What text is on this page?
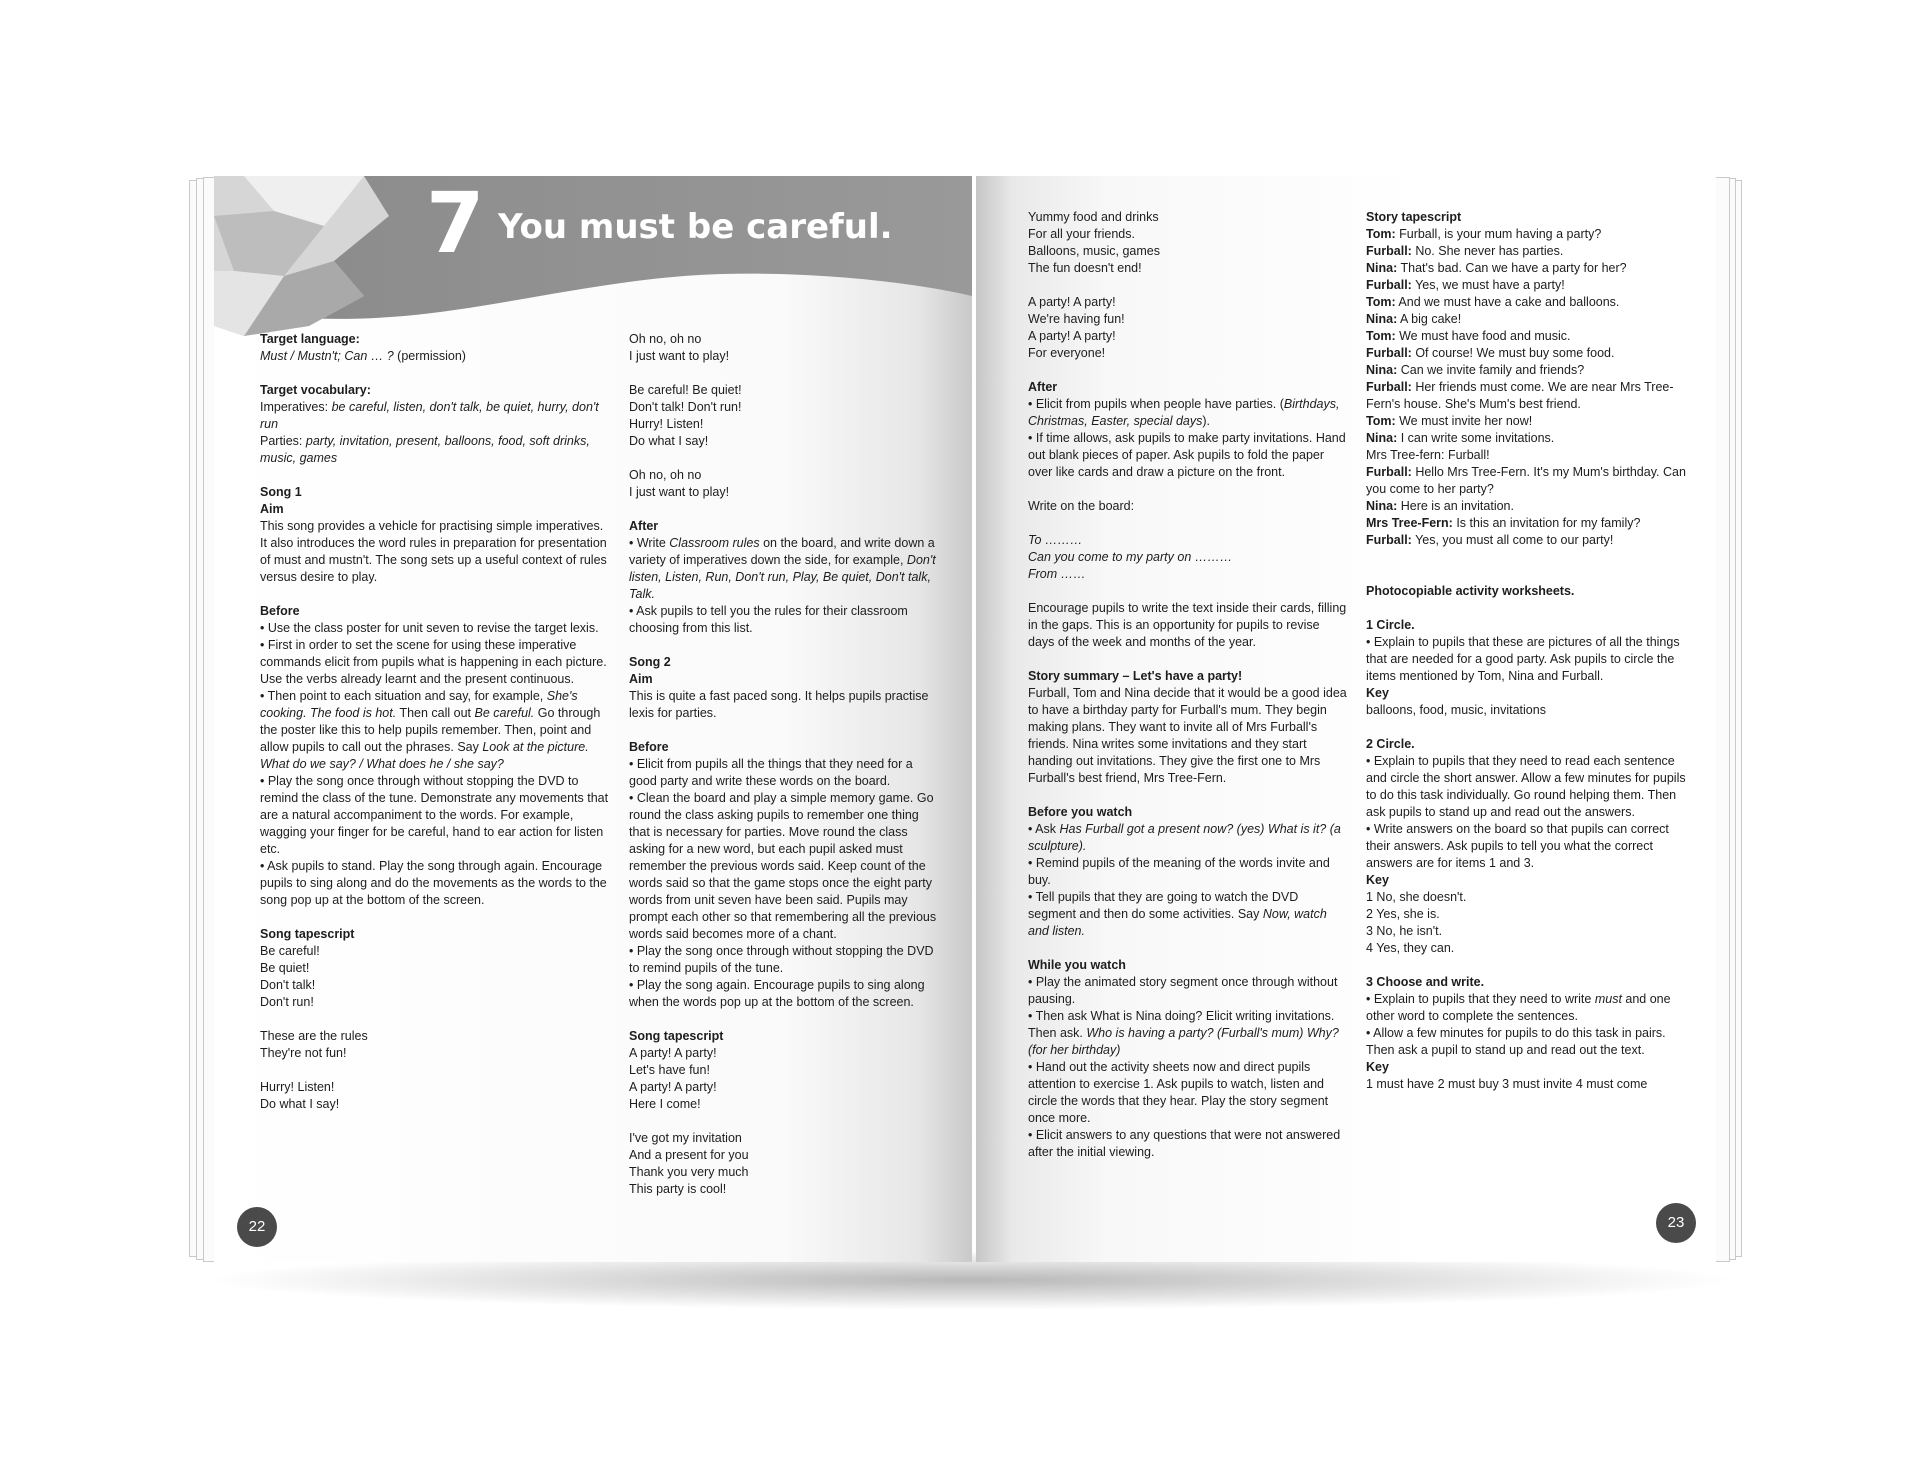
7 You must be careful.

Target language:

Must / Mustn't; Can … ? (permission)

Target vocabulary:

Imperatives: be careful, listen, don't talk, be quiet, hurry, don't run

Parties: party, invitation, present, balloons, food, soft drinks, music, games

Song 1

Aim

This song provides a vehicle for practising simple imperatives. It also introduces the word rules in preparation for presentation of must and mustn't. The song sets up a useful context of rules versus desire to play.

Before

• Use the class poster for unit seven to revise the target lexis.

• First in order to set the scene for using these imperative commands elicit from pupils what is happening in each picture. Use the verbs already learnt and the present continuous.

• Then point to each situation and say, for example, She's cooking. The food is hot. Then call out Be careful. Go through the poster like this to help pupils remember. Then, point and allow pupils to call out the phrases. Say Look at the picture. What do we say? / What does he / she say?

• Play the song once through without stopping the DVD to remind the class of the tune. Demonstrate any movements that are a natural accompaniment to the words. For example, wagging your finger for be careful, hand to ear action for listen etc.

• Ask pupils to stand. Play the song through again. Encourage pupils to sing along and do the movements as the words to the song pop up at the bottom of the screen.

Song tapescript

Be careful!

Be quiet!

Don't talk!

Don't run!

These are the rules

They're not fun!

Hurry! Listen!

Do what I say!

Oh no, oh no

I just want to play!

Be careful! Be quiet!

Don't talk! Don't run!

Hurry! Listen!

Do what I say!

Oh no, oh no

I just want to play!

After

• Write Classroom rules on the board, and write down a variety of imperatives down the side, for example, Don't listen, Listen, Run, Don't run, Play, Be quiet, Don't talk, Talk.

• Ask pupils to tell you the rules for their classroom choosing from this list.

Song 2

Aim

This is quite a fast paced song. It helps pupils practise lexis for parties.

Before

• Elicit from pupils all the things that they need for a good party and write these words on the board.

• Clean the board and play a simple memory game. Go round the class asking pupils to remember one thing that is necessary for parties. Move round the class asking for a new word, but each pupil asked must remember the previous words said. Keep count of the words said so that the game stops once the eight party words from unit seven have been said. Pupils may prompt each other so that remembering all the previous words said becomes more of a chant.

• Play the song once through without stopping the DVD to remind pupils of the tune.

• Play the song again. Encourage pupils to sing along when the words pop up at the bottom of the screen.

Song tapescript

A party! A party!

Let's have fun!

A party! A party!

Here I come!

I've got my invitation

And a present for you

Thank you very much

This party is cool!

22

Yummy food and drinks

For all your friends.

Balloons, music, games

The fun doesn't end!

A party! A party!

We're having fun!

A party! A party!

For everyone!

After

• Elicit from pupils when people have parties. (Birthdays, Christmas, Easter, special days).

• If time allows, ask pupils to make party invitations. Hand out blank pieces of paper. Ask pupils to fold the paper over like cards and draw a picture on the front.

Write on the board:

To ………

Can you come to my party on ………

From ……

Encourage pupils to write the text inside their cards, filling in the gaps. This is an opportunity for pupils to revise days of the week and months of the year.

Story summary – Let's have a party!

Furball, Tom and Nina decide that it would be a good idea to have a birthday party for Furball's mum. They begin making plans. They want to invite all of Mrs Furball's friends. Nina writes some invitations and they start handing out invitations. They give the first one to Mrs Furball's best friend, Mrs Tree-Fern.

Before you watch

• Ask Has Furball got a present now? (yes) What is it? (a sculpture).

• Remind pupils of the meaning of the words invite and buy.

• Tell pupils that they are going to watch the DVD segment and then do some activities. Say Now, watch and listen.

While you watch

• Play the animated story segment once through without pausing.

• Then ask What is Nina doing? Elicit writing invitations. Then ask. Who is having a party? (Furball's mum) Why? (for her birthday)

• Hand out the activity sheets now and direct pupils attention to exercise 1. Ask pupils to watch, listen and circle the words that they hear. Play the story segment once more.

• Elicit answers to any questions that were not answered after the initial viewing.

Story tapescript

Tom: Furball, is your mum having a party?

Furball: No. She never has parties.

Nina: That's bad. Can we have a party for her?

Furball: Yes, we must have a party!

Tom: And we must have a cake and balloons.

Nina: A big cake!

Tom: We must have food and music.

Furball: Of course! We must buy some food.

Nina: Can we invite family and friends?

Furball: Her friends must come. We are near Mrs Tree-Fern's house. She's Mum's best friend.

Tom: We must invite her now!

Nina: I can write some invitations.

Mrs Tree-fern: Furball!

Furball: Hello Mrs Tree-Fern. It's my Mum's birthday. Can you come to her party?

Nina: Here is an invitation.

Mrs Tree-Fern: Is this an invitation for my family?

Furball: Yes, you must all come to our party!

Photocopiable activity worksheets.

1 Circle.

• Explain to pupils that these are pictures of all the things that are needed for a good party. Ask pupils to circle the items mentioned by Tom, Nina and Furball.

Key

balloons, food, music, invitations

2 Circle.

• Explain to pupils that they need to read each sentence and circle the short answer. Allow a few minutes for pupils to do this task individually. Go round helping them. Then ask pupils to stand up and read out the answers.

• Write answers on the board so that pupils can correct their answers. Ask pupils to tell you what the correct answers are for items 1 and 3.

Key

1 No, she doesn't.

2 Yes, she is.

3 No, he isn't.

4 Yes, they can.

3 Choose and write.

• Explain to pupils that they need to write must and one other word to complete the sentences.

• Allow a few minutes for pupils to do this task in pairs. Then ask a pupil to stand up and read out the text.

Key

1 must have 2 must buy 3 must invite 4 must come

23
